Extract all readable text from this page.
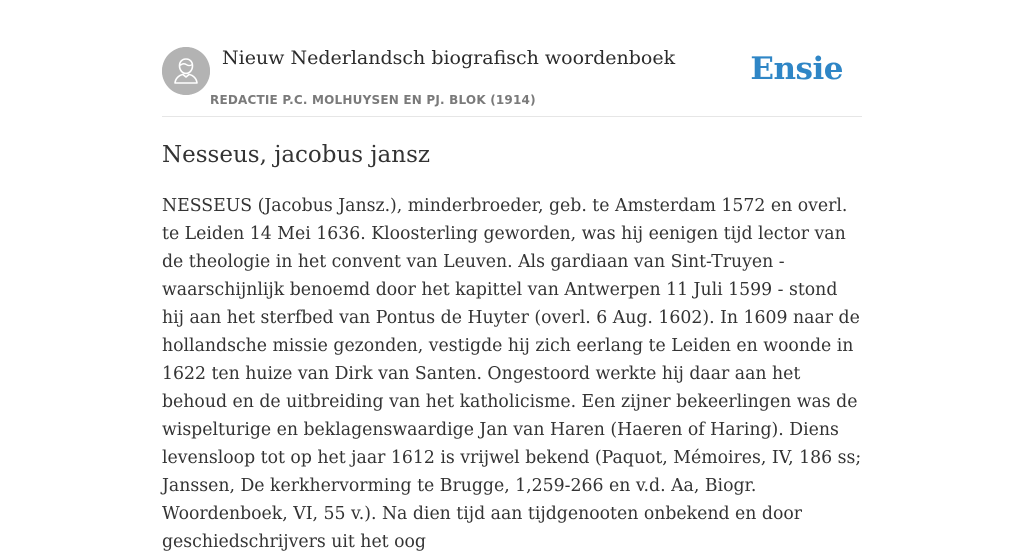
Nieuw Nederlandsch biografisch woordenboek
REDACTIE P.C. MOLHUYSEN EN PJ. BLOK (1914)
Ensie
Nesseus, jacobus jansz

NESSEUS (Jacobus Jansz.), minderbroeder, geb. te Amsterdam 1572 en overl. te Leiden 14 Mei 1636. Kloosterling geworden, was hij eenigen tijd lector van de theologie in het convent van Leuven. Als gardiaan van Sint-Truyen - waarschijnlijk benoemd door het kapittel van Antwerpen 11 Juli 1599 - stond hij aan het sterfbed van Pontus de Huyter (overl. 6 Aug. 1602). In 1609 naar de hollandsche missie gezonden, vestigde hij zich eerlang te Leiden en woonde in 1622 ten huize van Dirk van Santen. Ongestoord werkte hij daar aan het behoud en de uitbreiding van het katholicisme. Een zijner bekeerlingen was de wispelturige en beklagenswaardige Jan van Haren (Haeren of Haring). Diens levensloop tot op het jaar 1612 is vrijwel bekend (Paquot, Mémoires, IV, 186 ss; Janssen, De kerkhervorming te Brugge, 1,259-266 en v.d. Aa, Biogr. Woordenboek, VI, 55 v.). Na dien tijd aan tijdgenooten onbekend en door geschiedschrijvers uit het oog
